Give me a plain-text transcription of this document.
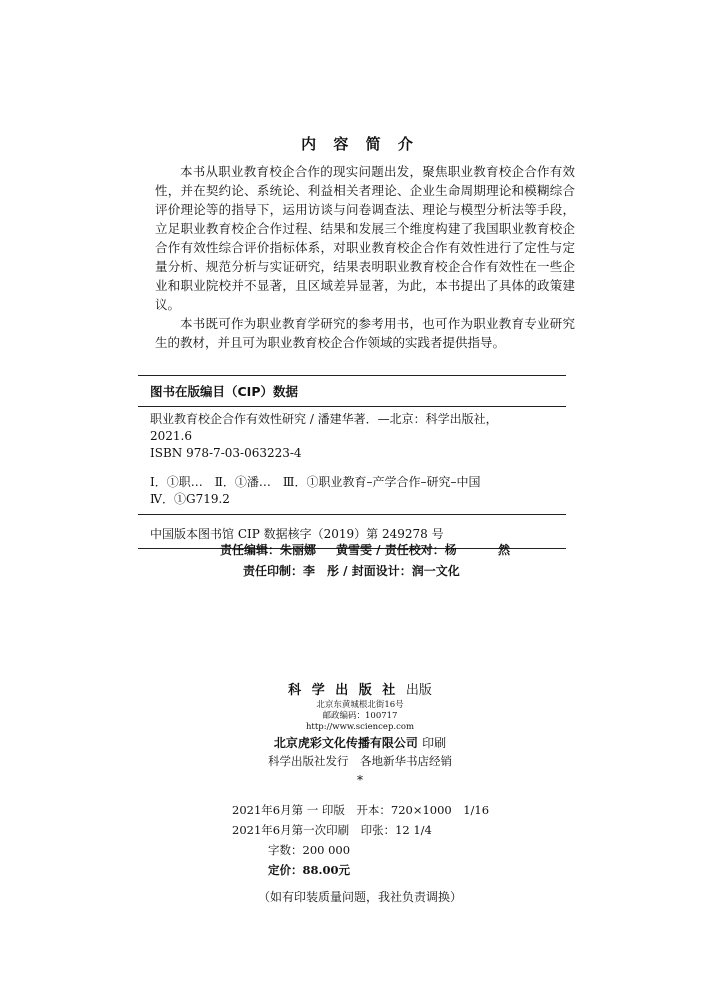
内 容 简 介

本书从职业教育校企合作的现实问题出发，聚焦职业教育校企合作有效性，并在契约论、系统论、利益相关者理论、企业生命周期理论和模糊综合评价理论等的指导下，运用访谈与问卷调查法、理论与模型分析法等手段，立足职业教育校企合作过程、结果和发展三个维度构建了我国职业教育校企合作有效性综合评价指标体系，对职业教育校企合作有效性进行了定性与定量分析、规范分析与实证研究，结果表明职业教育校企合作有效性在一些企业和职业院校并不显著，且区域差异显著，为此，本书提出了具体的政策建议。

本书既可作为职业教育学研究的参考用书，也可作为职业教育专业研究生的教材，并且可为职业教育校企合作领域的实践者提供指导。

图书在版编目（CIP）数据
职业教育校企合作有效性研究 / 潘建华著．—北京：科学出版社，
2021.6
ISBN 978-7-03-063223-4
Ⅰ．①职…　Ⅱ．①潘…　Ⅲ．①职业教育–产学合作–研究–中国
Ⅳ．①G719.2
中国版本图书馆 CIP 数据核字（2019）第 249278 号
责任编辑：朱丽娜 黄雪雯 / 责任校对：杨	然
责任印制：李　彤 / 封面设计：润一文化
科 学 出 版 社 出版
北京东黄城根北街16号
邮政编码：100717
http://www.sciencep.com
北京虎彩文化传播有限公司 印刷
科学出版社发行　各地新华书店经销
*
2021年6月第 一 印版　开本：720×1000　1/16
2021年6月第一次印刷　印张：12 1/4
字数：200 000
定价：88.00元
（如有印装质量问题，我社负责调换）
